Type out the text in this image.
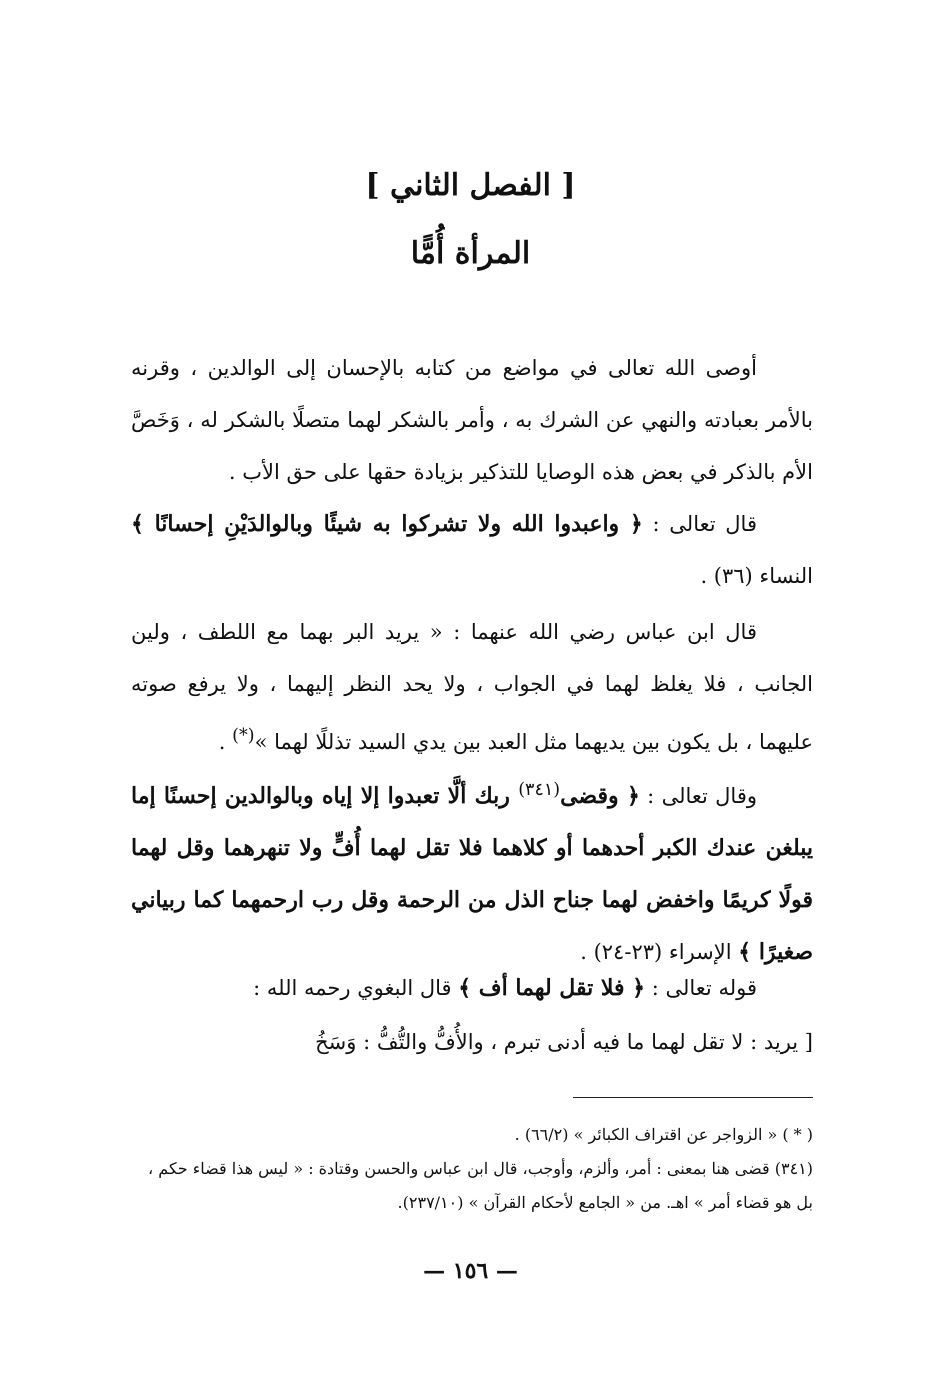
[ الفصل الثاني ]
المرأة أُمًّا

أوصى الله تعالى في مواضع من كتابه بالإحسان إلى الوالدين ، وقرنه بالأمر بعبادته والنهي عن الشرك به ، وأمر بالشكر لهما متصلًا بالشكر له ، وَخَصَّ الأم بالذكر في بعض هذه الوصايا للتذكير بزيادة حقها على حق الأب .

قال تعالى : ﴿ واعبدوا الله ولا تشركوا به شيئًا وبالوالدَيْنِ إحسانًا ﴾ النساء (٣٦) .

قال ابن عباس رضي الله عنهما : « يريد البر بهما مع اللطف ، ولين الجانب ، فلا يغلظ لهما في الجواب ، ولا يحد النظر إليهما ، ولا يرفع صوته عليهما ، بل يكون بين يديهما مثل العبد بين يدي السيد تذللًا لهما »(*) .

وقال تعالى : ﴿ وقضى$^{(٣٤١)}$ ربك ألَّا تعبدوا إلا إياه وبالوالدين إحسنًا إما يبلغن عندك الكبر أحدهما أو كلاهما فلا تقل لهما أُفٍّ ولا تنهرهما وقل لهما قولًا كريمًا واخفض لهما جناح الذل من الرحمة وقل رب ارحمهما كما ربياني صغيرًا ﴾ الإسراء (٢٣-٢٤) .

قوله تعالى : ﴿ فلا تقل لهما أف ﴾ قال البغوي رحمه الله :

[ يريد : لا تقل لهما ما فيه أدنى تبرم ، والأُفُّ والتُّفُّ : وَسَخُ

( * ) « الزواجر عن اقتراف الكبائر » (٦٦/٢) .

(٣٤١) قضى هنا بمعنى : أمر، وألزم، وأوجب، قال ابن عباس والحسن وقتادة : « ليس هذا قضاء حكم ، بل هو قضاء أمر » اهـ. من « الجامع لأحكام القرآن » (٢٣٧/١٠).

— ١٥٦ —
